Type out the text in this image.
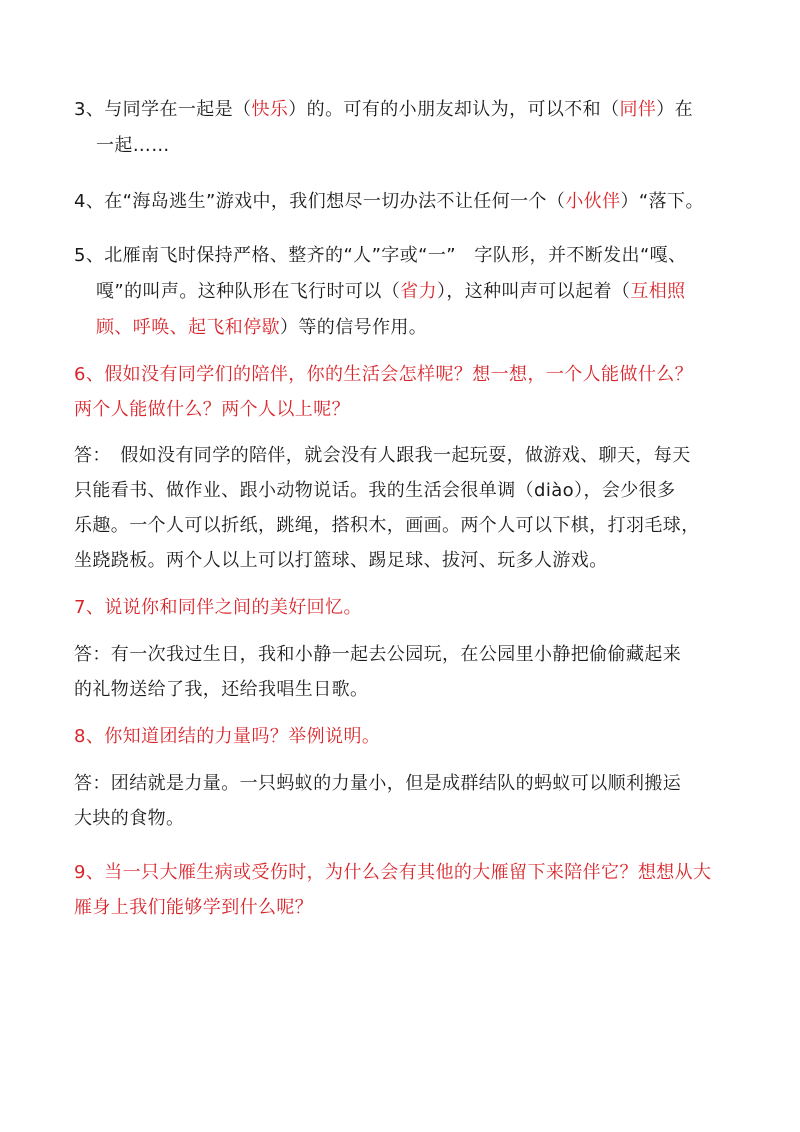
3、与同学在一起是（快乐）的。可有的小朋友却认为，可以不和（同伴）在
一起……
4、在“海岛逃生”游戏中，我们想尽一切办法不让任何一个（小伙伴）“落下。
5、北雁南飞时保持严格、整齐的“人”字或“一”　字队形，并不断发出“嘎、
嘎”的叫声。这种队形在飞行时可以（省力），这种叫声可以起着（互相照
顾、呼唤、起飞和停歇）等的信号作用。
6、假如没有同学们的陪伴，你的生活会怎样呢？想一想，一个人能做什么？
两个人能做什么？两个人以上呢？
答：　假如没有同学的陪伴，就会没有人跟我一起玩耍，做游戏、聊天，每天
只能看书、做作业、跟小动物说话。我的生活会很单调（diào），会少很多
乐趣。一个人可以折纸，跳绳，搭积木，画画。两个人可以下棋，打羽毛球，
坐跷跷板。两个人以上可以打篮球、踢足球、拔河、玩多人游戏。
7、说说你和同伴之间的美好回忆。
答：有一次我过生日，我和小静一起去公园玩，在公园里小静把偷偷藏起来
的礼物送给了我，还给我唱生日歌。
8、你知道团结的力量吗？举例说明。
答：团结就是力量。一只蚂蚁的力量小，但是成群结队的蚂蚁可以顺利搬运
大块的食物。
9、当一只大雁生病或受伤时，为什么会有其他的大雁留下来陪伴它？想想从大
雁身上我们能够学到什么呢？
